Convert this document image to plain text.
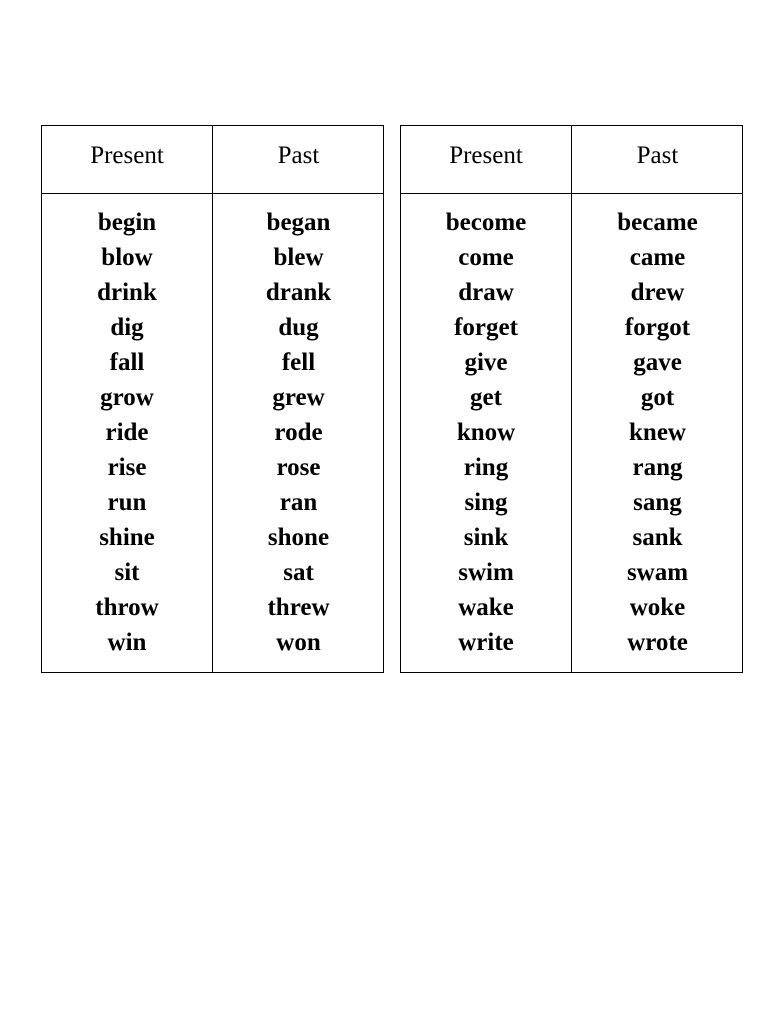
Present	Past
begin
blow
drink
dig
fall
grow
ride
rise
run
shine
sit
throw
win
began
blew
drank
dug
fell
grew
rode
rose
ran
shone
sat
threw
won
Present	Past
become
come
draw
forget
give
get
know
ring
sing
sink
swim
wake
write
became
came
drew
forgot
gave
got
knew
rang
sang
sank
swam
woke
wrote
